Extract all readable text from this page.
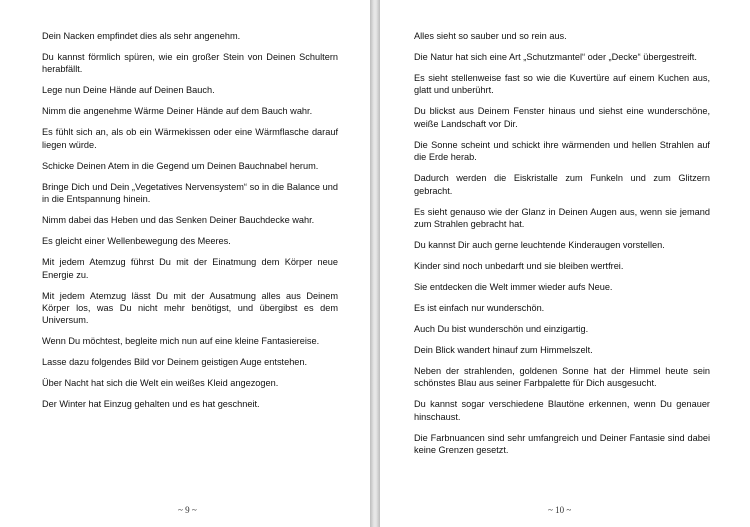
Dein Nacken empfindet dies als sehr angenehm.

Du kannst förmlich spüren, wie ein großer Stein von Deinen Schultern herabfällt.

Lege nun Deine Hände auf Deinen Bauch.

Nimm die angenehme Wärme Deiner Hände auf dem Bauch wahr.

Es fühlt sich an, als ob ein Wärmekissen oder eine Wärmflasche darauf liegen würde.

Schicke Deinen Atem in die Gegend um Deinen Bauchnabel herum.

Bringe Dich und Dein „Vegetatives Nervensystem“ so in die Balance und in die Entspannung hinein.

Nimm dabei das Heben und das Senken Deiner Bauchdecke wahr.

Es gleicht einer Wellenbewegung des Meeres.

Mit jedem Atemzug führst Du mit der Einatmung dem Körper neue Energie zu.

Mit jedem Atemzug lässt Du mit der Ausatmung alles aus Deinem Körper los, was Du nicht mehr benötigst, und übergibst es dem Universum.

Wenn Du möchtest, begleite mich nun auf eine kleine Fantasiereise.

Lasse dazu folgendes Bild vor Deinem geistigen Auge entstehen.

Über Nacht hat sich die Welt ein weißes Kleid angezogen.

Der Winter hat Einzug gehalten und es hat geschneit.

~ 9 ~

Alles sieht so sauber und so rein aus.

Die Natur hat sich eine Art „Schutzmantel“ oder „Decke“ übergestreift.

Es sieht stellenweise fast so wie die Kuvertüre auf einem Kuchen aus, glatt und unberührt.

Du blickst aus Deinem Fenster hinaus und siehst eine wunderschöne, weiße Landschaft vor Dir.

Die Sonne scheint und schickt ihre wärmenden und hellen Strahlen auf die Erde herab.

Dadurch werden die Eiskristalle zum Funkeln und zum Glitzern gebracht.

Es sieht genauso wie der Glanz in Deinen Augen aus, wenn sie jemand zum Strahlen gebracht hat.

Du kannst Dir auch gerne leuchtende Kinderaugen vorstellen.

Kinder sind noch unbedarft und sie bleiben wertfrei.

Sie entdecken die Welt immer wieder aufs Neue.

Es ist einfach nur wunderschön.

Auch Du bist wunderschön und einzigartig.

Dein Blick wandert hinauf zum Himmelszelt.

Neben der strahlenden, goldenen Sonne hat der Himmel heute sein schönstes Blau aus seiner Farbpalette für Dich ausgesucht.

Du kannst sogar verschiedene Blautöne erkennen, wenn Du genauer hinschaust.

Die Farbnuancen sind sehr umfangreich und Deiner Fantasie sind dabei keine Grenzen gesetzt.

~ 10 ~
